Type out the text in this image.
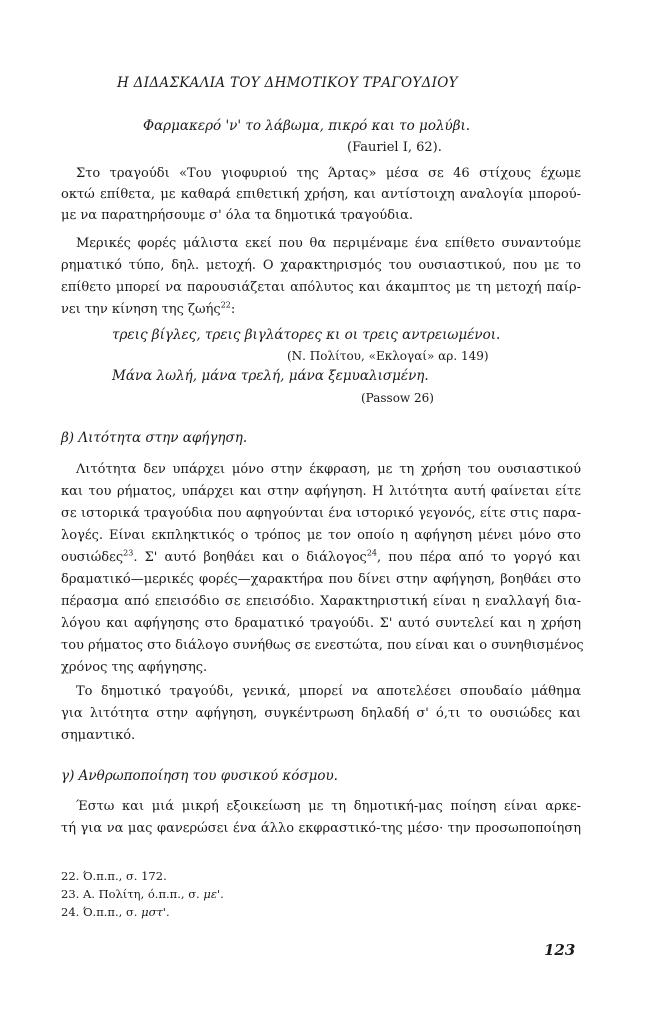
Η ΔΙΔΑΣΚΑΛΙΑ ΤΟΥ ΔΗΜΟΤΙΚΟΥ ΤΡΑΓΟΥΔΙΟΥ
Φαρμακερό 'ν' το λάβωμα, πικρό και το μολύβι.
(Fauriel I, 62).
Στο τραγούδι «Του γιοφυριού της Άρτας» μέσα σε 46 στίχους έχωμε
οκτώ επίθετα, με καθαρά επιθετική χρήση, και αντίστοιχη αναλογία μπορού-
με να παρατηρήσουμε σ' όλα τα δημοτικά τραγούδια.
Μερικές φορές μάλιστα εκεί που θα περιμέναμε ένα επίθετο συναντούμε
ρηματικό τύπο, δηλ. μετοχή. Ο χαρακτηρισμός του ουσιαστικού, που με το
επίθετο μπορεί να παρουσιάζεται απόλυτος και άκαμπτος με τη μετοχή παίρ-
νει την κίνηση της ζωής$^{22}$:
τρεις βίγλες, τρεις βιγλάτορες κι οι τρεις αντρειωμένοι.
(Ν. Πολίτου, «Εκλογαί» αρ. 149)
Μάνα λωλή, μάνα τρελή, μάνα ξεμυαλισμένη.
(Passow 26)
β) Λιτότητα στην αφήγηση.
Λιτότητα δεν υπάρχει μόνο στην έκφραση, με τη χρήση του ουσιαστικού
και του ρήματος, υπάρχει και στην αφήγηση. Η λιτότητα αυτή φαίνεται είτε
σε ιστορικά τραγούδια που αφηγούνται ένα ιστορικό γεγονός, είτε στις παρα-
λογές. Είναι εκπληκτικός ο τρόπος με τον οποίο η αφήγηση μένει μόνο στο
ουσιώδες$^{23}$. Σ' αυτό βοηθάει και ο διάλογος$^{24}$, που πέρα από το γοργό και
δραματικό—μερικές φορές—χαρακτήρα που δίνει στην αφήγηση, βοηθάει στο
πέρασμα από επεισόδιο σε επεισόδιο. Χαρακτηριστική είναι η εναλλαγή δια-
λόγου και αφήγησης στο δραματικό τραγούδι. Σ' αυτό συντελεί και η χρήση
του ρήματος στο διάλογο συνήθως σε ενεστώτα, που είναι και ο συνηθισμένος
χρόνος της αφήγησης.
Το δημοτικό τραγούδι, γενικά, μπορεί να αποτελέσει σπουδαίο μάθημα
για λιτότητα στην αφήγηση, συγκέντρωση δηλαδή σ' ό,τι το ουσιώδες και
σημαντικό.
γ) Ανθρωποποίηση του φυσικού κόσμου.
Έστω και μιά μικρή εξοικείωση με τη δημοτική-μας ποίηση είναι αρκε-
τή για να μας φανερώσει ένα άλλο εκφραστικό-της μέσο· την προσωποποίηση
22. Ό.π.π., σ. 172.
23. Α. Πολίτη, ό.π.π., σ. με'.
24. Ό.π.π., σ. μστ'.
123
